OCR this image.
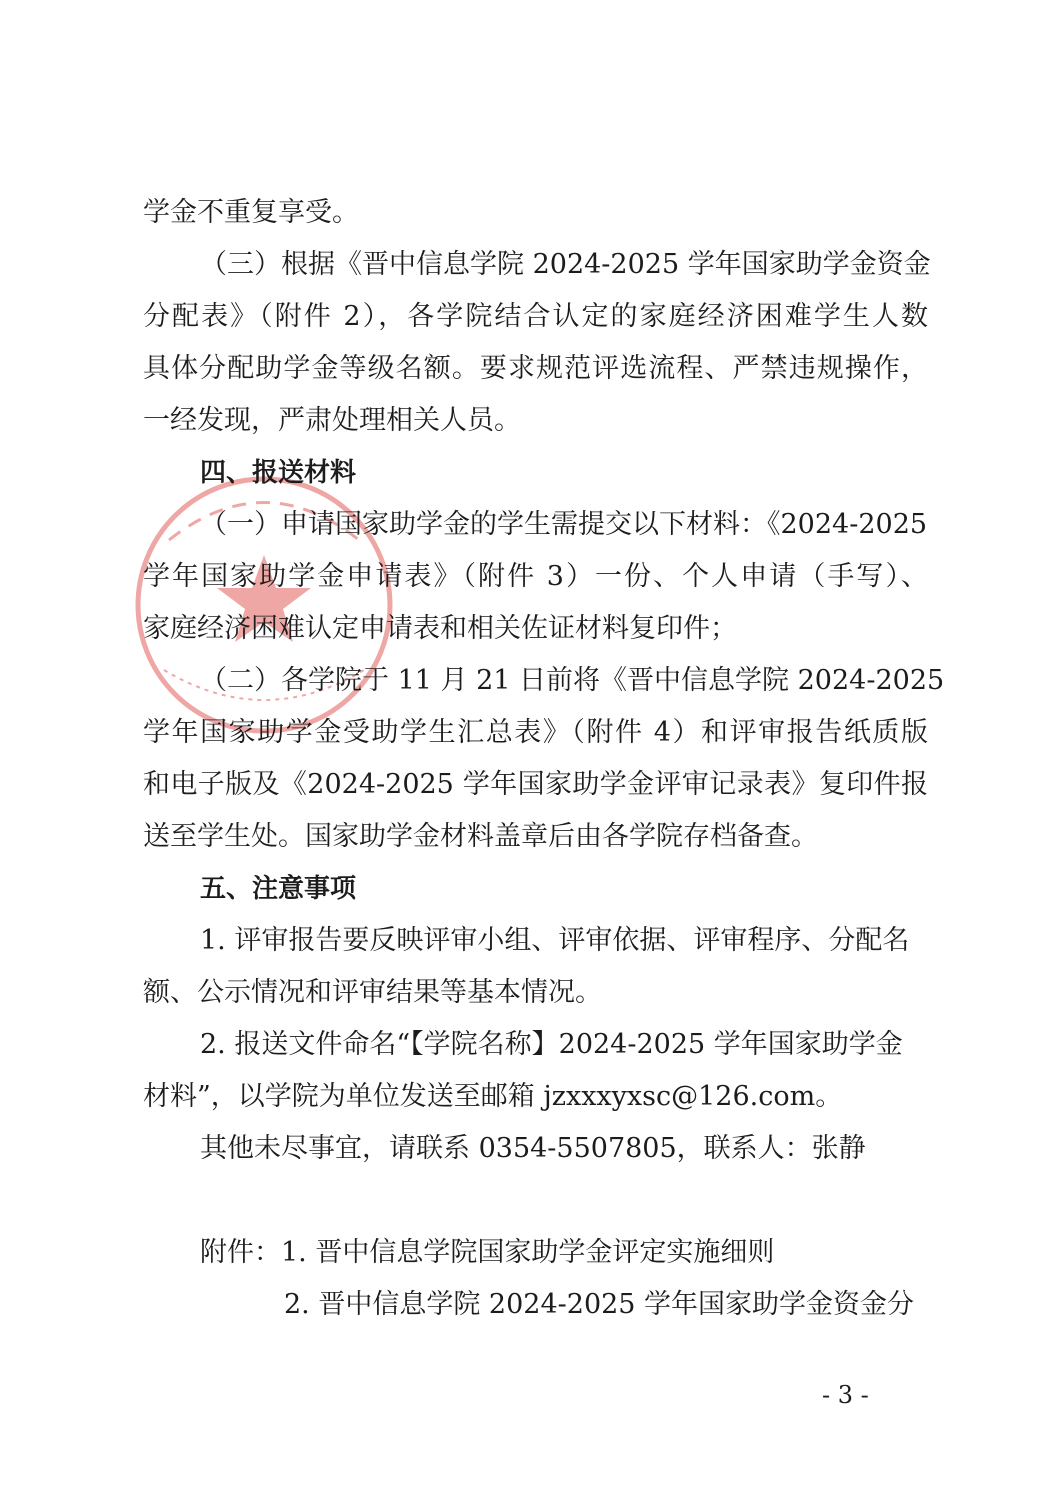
学金不重复享受。

（三）根据《晋中信息学院 2024-2025 学年国家助学金资金

分配表》（附件 2），各学院结合认定的家庭经济困难学生人数

具体分配助学金等级名额。要求规范评选流程、严禁违规操作，

一经发现，严肃处理相关人员。

四、报送材料

（一）申请国家助学金的学生需提交以下材料：《2024-2025

学年国家助学金申请表》（附件 3）一份、个人申请（手写）、

家庭经济困难认定申请表和相关佐证材料复印件；

（二）各学院于 11 月 21 日前将《晋中信息学院 2024-2025

学年国家助学金受助学生汇总表》（附件 4）和评审报告纸质版

和电子版及《2024-2025 学年国家助学金评审记录表》复印件报

送至学生处。国家助学金材料盖章后由各学院存档备查。

五、注意事项

1. 评审报告要反映评审小组、评审依据、评审程序、分配名

额、公示情况和评审结果等基本情况。

2. 报送文件命名“【学院名称】2024-2025 学年国家助学金

材料”，以学院为单位发送至邮箱 jzxxxyxsc@126.com。

其他未尽事宜，请联系 0354-5507805，联系人：张静

附件：1. 晋中信息学院国家助学金评定实施细则

2. 晋中信息学院 2024-2025 学年国家助学金资金分

- 3 -
